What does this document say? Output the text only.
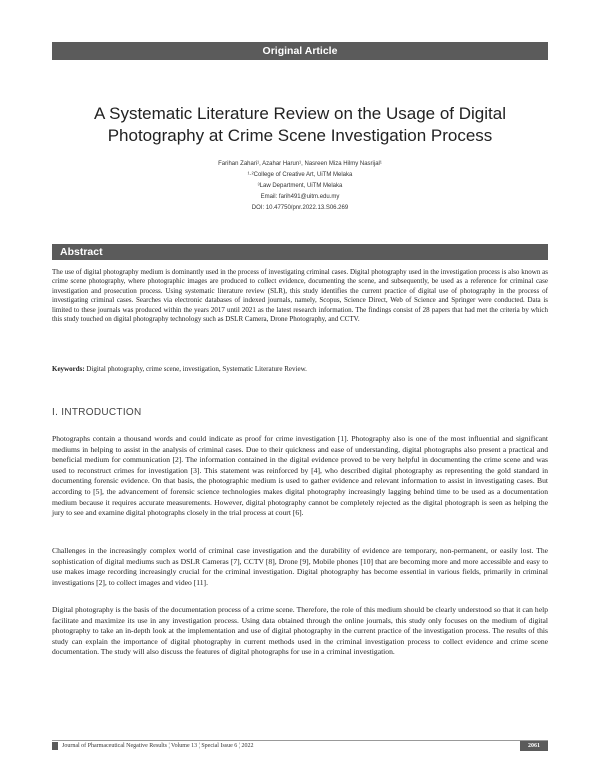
Original Article
A Systematic Literature Review on the Usage of Digital
Photography at Crime Scene Investigation Process
Farihan Zahari¹, Azahar Harun¹, Nasreen Miza Hilmy Nasrijal¹
¹·²College of Creative Art, UiTM Melaka
³Law Department, UiTM Melaka
Email: farih491@uitm.edu.my
DOI: 10.47750/pnr.2022.13.S06.269
Abstract
The use of digital photography medium is dominantly used in the process of investigating criminal cases. Digital photography used in the investigation process is also known as crime scene photography, where photographic images are produced to collect evidence, documenting the scene, and subsequently, be used as a reference for criminal case investigation and prosecution process. Using systematic literature review (SLR), this study identifies the current practice of digital use of photography in the process of investigating criminal cases. Searches via electronic databases of indexed journals, namely, Scopus, Science Direct, Web of Science and Springer were conducted. Data is limited to these journals was produced within the years 2017 until 2021 as the latest research information. The findings consist of 28 papers that had met the criteria by which this study touched on digital photography technology such as DSLR Camera, Drone Photography, and CCTV.
Keywords: Digital photography, crime scene, investigation, Systematic Literature Review.
I. INTRODUCTION
Photographs contain a thousand words and could indicate as proof for crime investigation [1]. Photography also is one of the most influential and significant mediums in helping to assist in the analysis of criminal cases. Due to their quickness and ease of understanding, digital photographs also present a practical and beneficial medium for communication [2]. The information contained in the digital evidence proved to be very helpful in documenting the crime scene and was used to reconstruct crimes for investigation [3]. This statement was reinforced by [4], who described digital photography as representing the gold standard in documenting forensic evidence. On that basis, the photographic medium is used to gather evidence and relevant information to assist in investigating cases. But according to [5], the advancement of forensic science technologies makes digital photography increasingly lagging behind time to be used as a documentation medium because it requires accurate measurements. However, digital photography cannot be completely rejected as the digital photograph is seen as helping the jury to see and examine digital photographs closely in the trial process at court [6].
Challenges in the increasingly complex world of criminal case investigation and the durability of evidence are temporary, non-permanent, or easily lost. The sophistication of digital mediums such as DSLR Cameras [7], CCTV [8], Drone [9], Mobile phones [10] that are becoming more and more accessible and easy to use makes image recording increasingly crucial for the criminal investigation. Digital photography has become essential in various fields, primarily in criminal investigations [2], to collect images and video [11].
Digital photography is the basis of the documentation process of a crime scene. Therefore, the role of this medium should be clearly understood so that it can help facilitate and maximize its use in any investigation process. Using data obtained through the online journals, this study only focuses on the medium of digital photography to take an in-depth look at the implementation and use of digital photography in the current practice of the investigation process. The results of this study can explain the importance of digital photography in current methods used in the criminal investigation process to collect evidence and crime scene documentation. The study will also discuss the features of digital photographs for use in a criminal investigation.
Journal of Pharmaceutical Negative Results ¦ Volume 13 ¦ Special Issue 6 ¦ 2022	2061
